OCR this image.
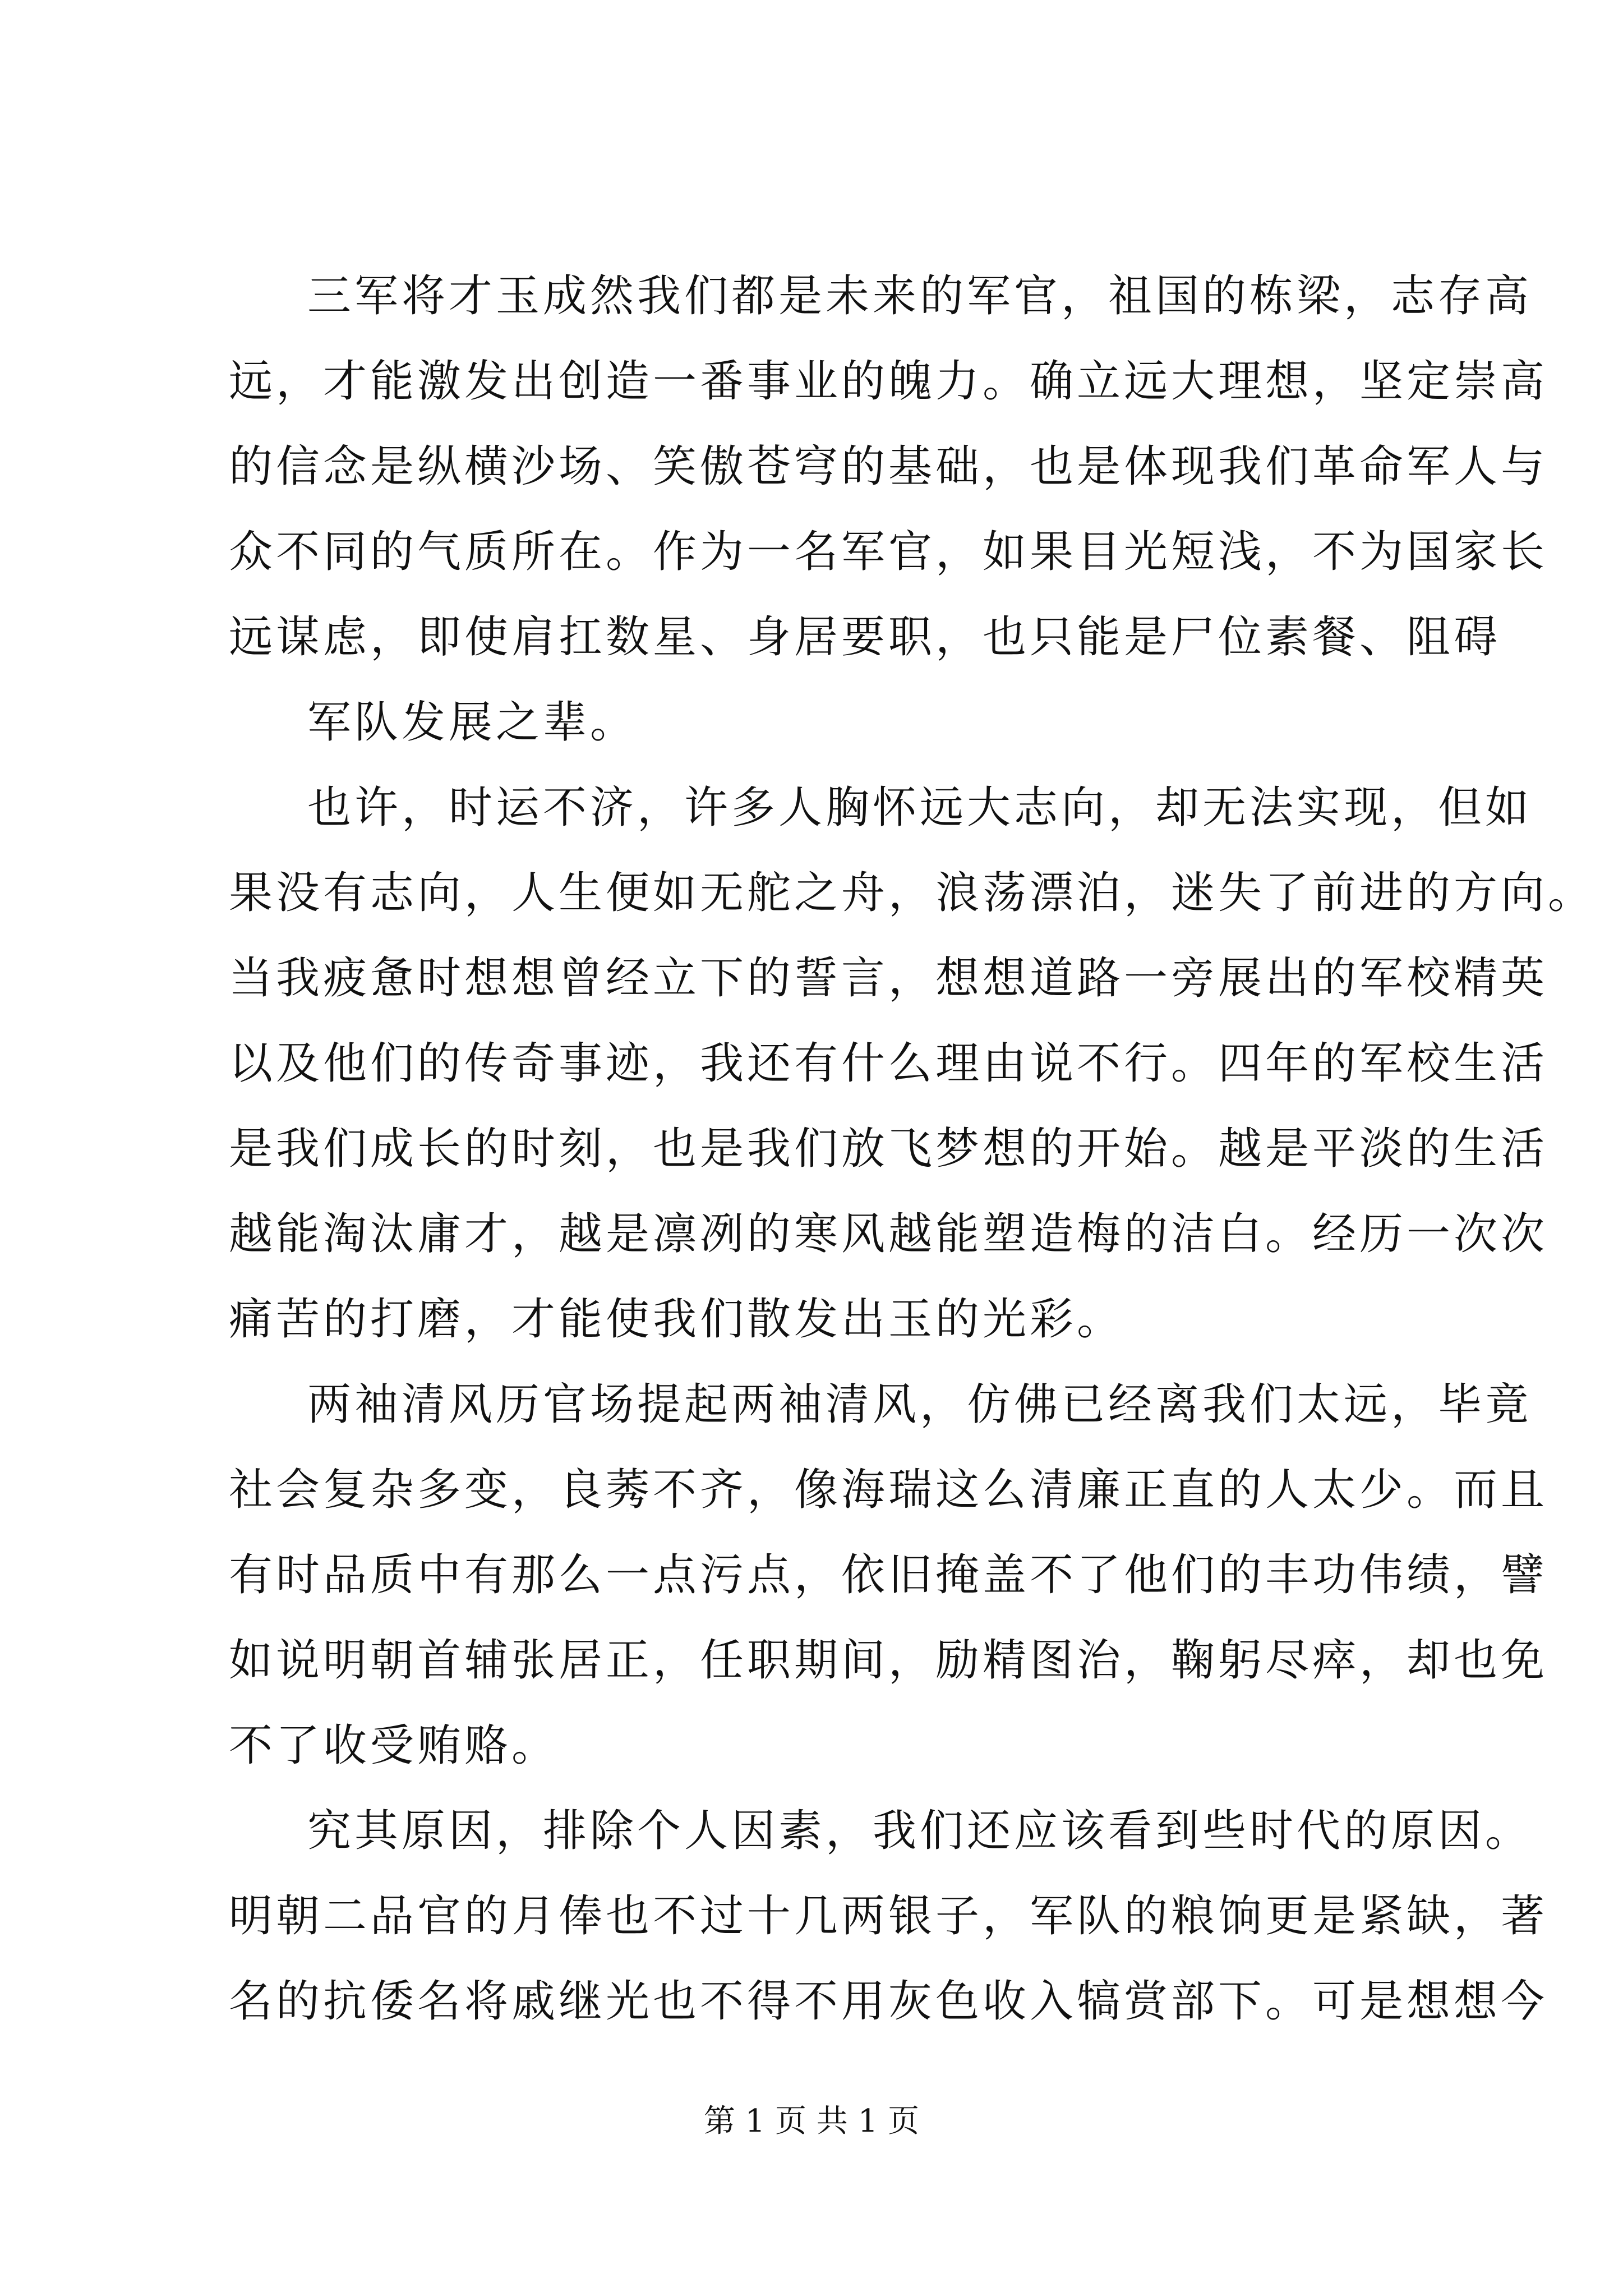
三军将才玉成然我们都是未来的军官，祖国的栋梁，志存高
远，才能激发出创造一番事业的魄力。确立远大理想，坚定崇高
的信念是纵横沙场、笑傲苍穹的基础，也是体现我们革命军人与
众不同的气质所在。作为一名军官，如果目光短浅，不为国家长
远谋虑，即使肩扛数星、身居要职，也只能是尸位素餐、阻碍
军队发展之辈。
也许，时运不济，许多人胸怀远大志向，却无法实现，但如
果没有志向，人生便如无舵之舟，浪荡漂泊，迷失了前进的方向。
当我疲惫时想想曾经立下的誓言，想想道路一旁展出的军校精英
以及他们的传奇事迹，我还有什么理由说不行。四年的军校生活
是我们成长的时刻，也是我们放飞梦想的开始。越是平淡的生活
越能淘汰庸才，越是凛冽的寒风越能塑造梅的洁白。经历一次次
痛苦的打磨，才能使我们散发出玉的光彩。
两袖清风历官场提起两袖清风，仿佛已经离我们太远，毕竟
社会复杂多变，良莠不齐，像海瑞这么清廉正直的人太少。而且
有时品质中有那么一点污点，依旧掩盖不了他们的丰功伟绩，譬
如说明朝首辅张居正，任职期间，励精图治，鞠躬尽瘁，却也免
不了收受贿赂。
究其原因，排除个人因素，我们还应该看到些时代的原因。
明朝二品官的月俸也不过十几两银子，军队的粮饷更是紧缺，著
名的抗倭名将戚继光也不得不用灰色收入犒赏部下。可是想想今
第 1 页 共 1 页
